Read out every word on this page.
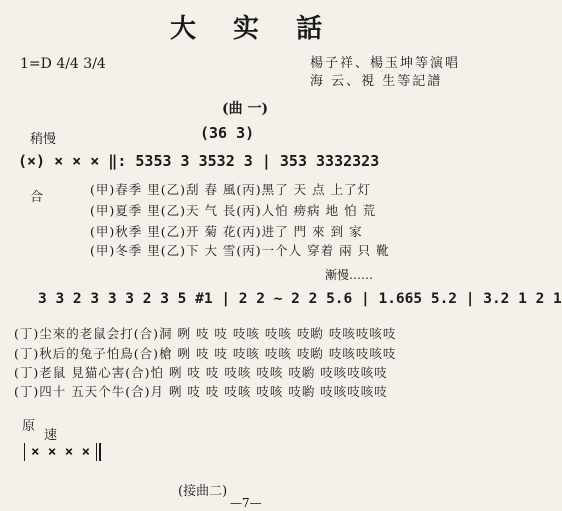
大 实 話
1=D 4/4 3/4	楊子祥、楊玉坤等演唱
海 云、視 生等記譜
(曲 一)
稍慢	(36 3)
(×) × × × ‖: 5353 3 3532 3 | 353 3332323
合
(甲)春季 里(乙)刮 春 風(丙)黑了 天 点 上了灯
(甲)夏季 里(乙)天 气 長(丙)人怕 痨病 地 怕 荒
(甲)秋季 里(乙)开 菊 花(丙)进了 門 來 到 家
(甲)冬季 里(乙)下 大 雪(丙)一个人 穿着 兩 只 靴
漸慢……
3 3 2 3 3 3 2 3 5 #1 | 2 2 ~ 2 2 5.6 | 1.665 5.2 | 3.2 1 2 1
(丁)尘來的老鼠会打(合)洞 咧 吱 吱 吱咳 吱咳 吱喲 吱咳吱咳吱
(丁)秋后的兔子怕鳥(合)槍 咧 吱 吱 吱咳 吱咳 吱喲 吱咳吱咳吱
(丁)老鼠 見猫心害(合)怕 咧 吱 吱 吱咳 吱咳 吱喲 吱咳吱咳吱
(丁)四十 五天个牛(合)月 咧 吱 吱 吱咳 吱咳 吱喲 吱咳吱咳吱
原
速
× × × ×
(接曲二)
—7—
